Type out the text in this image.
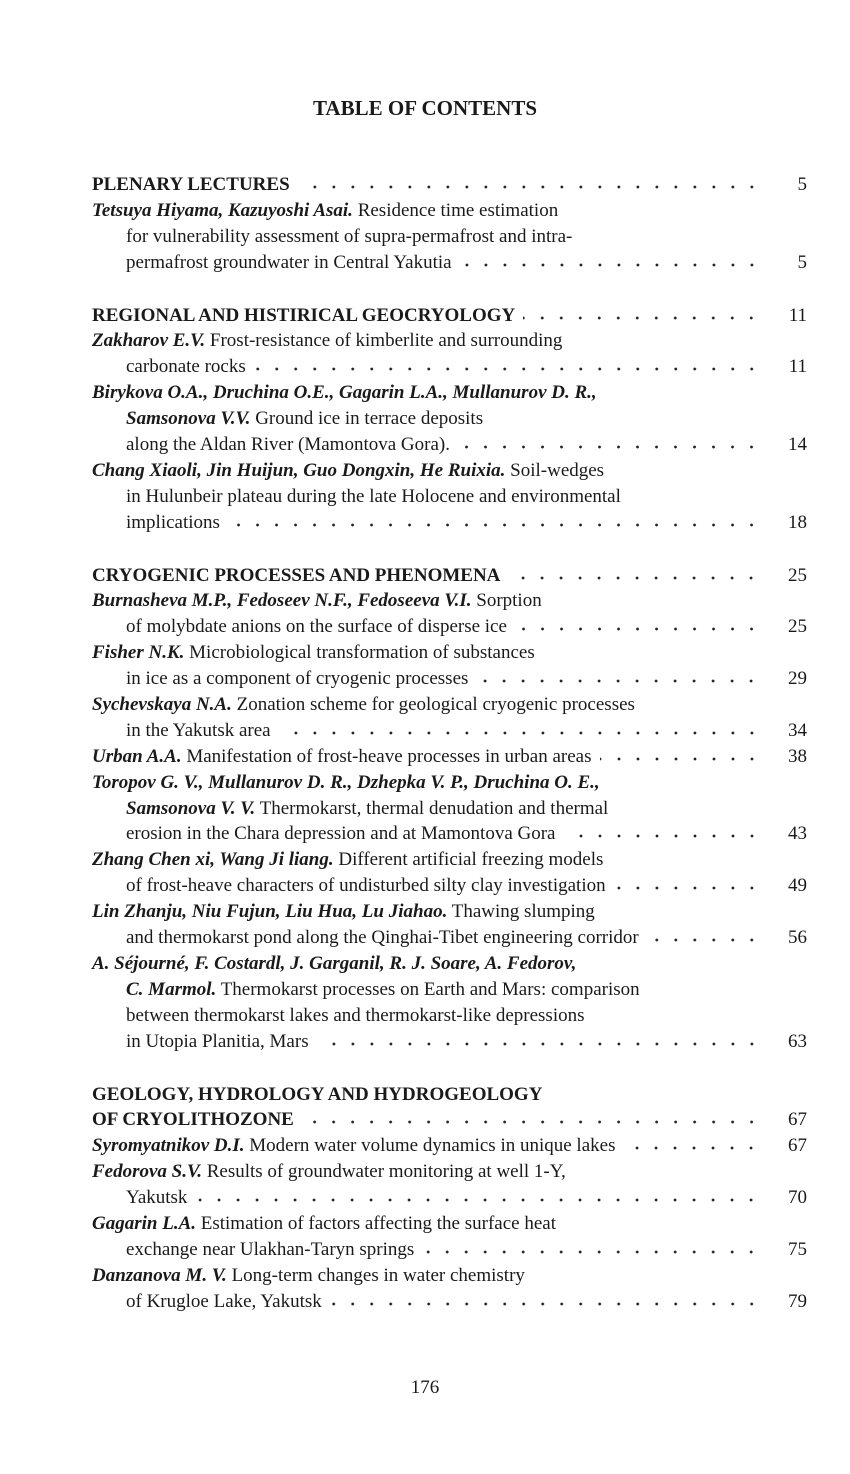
TABLE OF CONTENTS
PLENARY LECTURES	5
Tetsuya Hiyama, Kazuyoshi Asai. Residence time estimation
for vulnerability assessment of supra-permafrost and intra-
permafrost groundwater in Central Yakutia	5
REGIONAL AND HISTIRICAL GEOCRYOLOGY	11
Zakharov E.V. Frost-resistance of kimberlite and surrounding
carbonate rocks	11
Birykova O.A., Druchina O.E., Gagarin L.A., Mullanurov D. R.,
Samsonova V.V. Ground ice in terrace deposits
along the Aldan River (Mamontova Gora).	14
Chang Xiaoli, Jin Huijun, Guo Dongxin, He Ruixia. Soil-wedges
in Hulunbeir plateau during the late Holocene and environmental
implications	18
CRYOGENIC PROCESSES AND PHENOMENA	25
Burnasheva M.P., Fedoseev N.F., Fedoseeva V.I. Sorption
of molybdate anions on the surface of disperse ice	25
Fisher N.K. Microbiological transformation of substances
in ice as a component of cryogenic processes	29
Sychevskaya N.A. Zonation scheme for geological cryogenic processes
in the Yakutsk area	34
Urban A.A. Manifestation of frost-heave processes in urban areas	38
Toropov G. V., Mullanurov D. R., Dzhepka V. P., Druchina O. E.,
Samsonova V. V. Thermokarst, thermal denudation and thermal
erosion in the Chara depression and at Mamontova Gora	43
Zhang Chen xi, Wang Ji liang. Different artificial freezing models
of frost-heave characters of undisturbed silty clay investigation	49
Lin Zhanju, Niu Fujun, Liu Hua, Lu Jiahao. Thawing slumping
and thermokarst pond along the Qinghai-Tibet engineering corridor	56
A. Séjourné, F. Costardl, J. Garganil, R. J. Soare, A. Fedorov,
C. Marmol. Thermokarst processes on Earth and Mars: comparison
between thermokarst lakes and thermokarst-like depressions
in Utopia Planitia, Mars	63
GEOLOGY, HYDROLOGY AND HYDROGEOLOGY
OF CRYOLITHOZONE	67
Syromyatnikov D.I. Modern water volume dynamics in unique lakes	67
Fedorova S.V. Results of groundwater monitoring at well 1-Y,
Yakutsk	70
Gagarin L.A. Estimation of factors affecting the surface heat
exchange near Ulakhan-Taryn springs	75
Danzanova M. V. Long-term changes in water chemistry
of Krugloe Lake, Yakutsk	79
176
